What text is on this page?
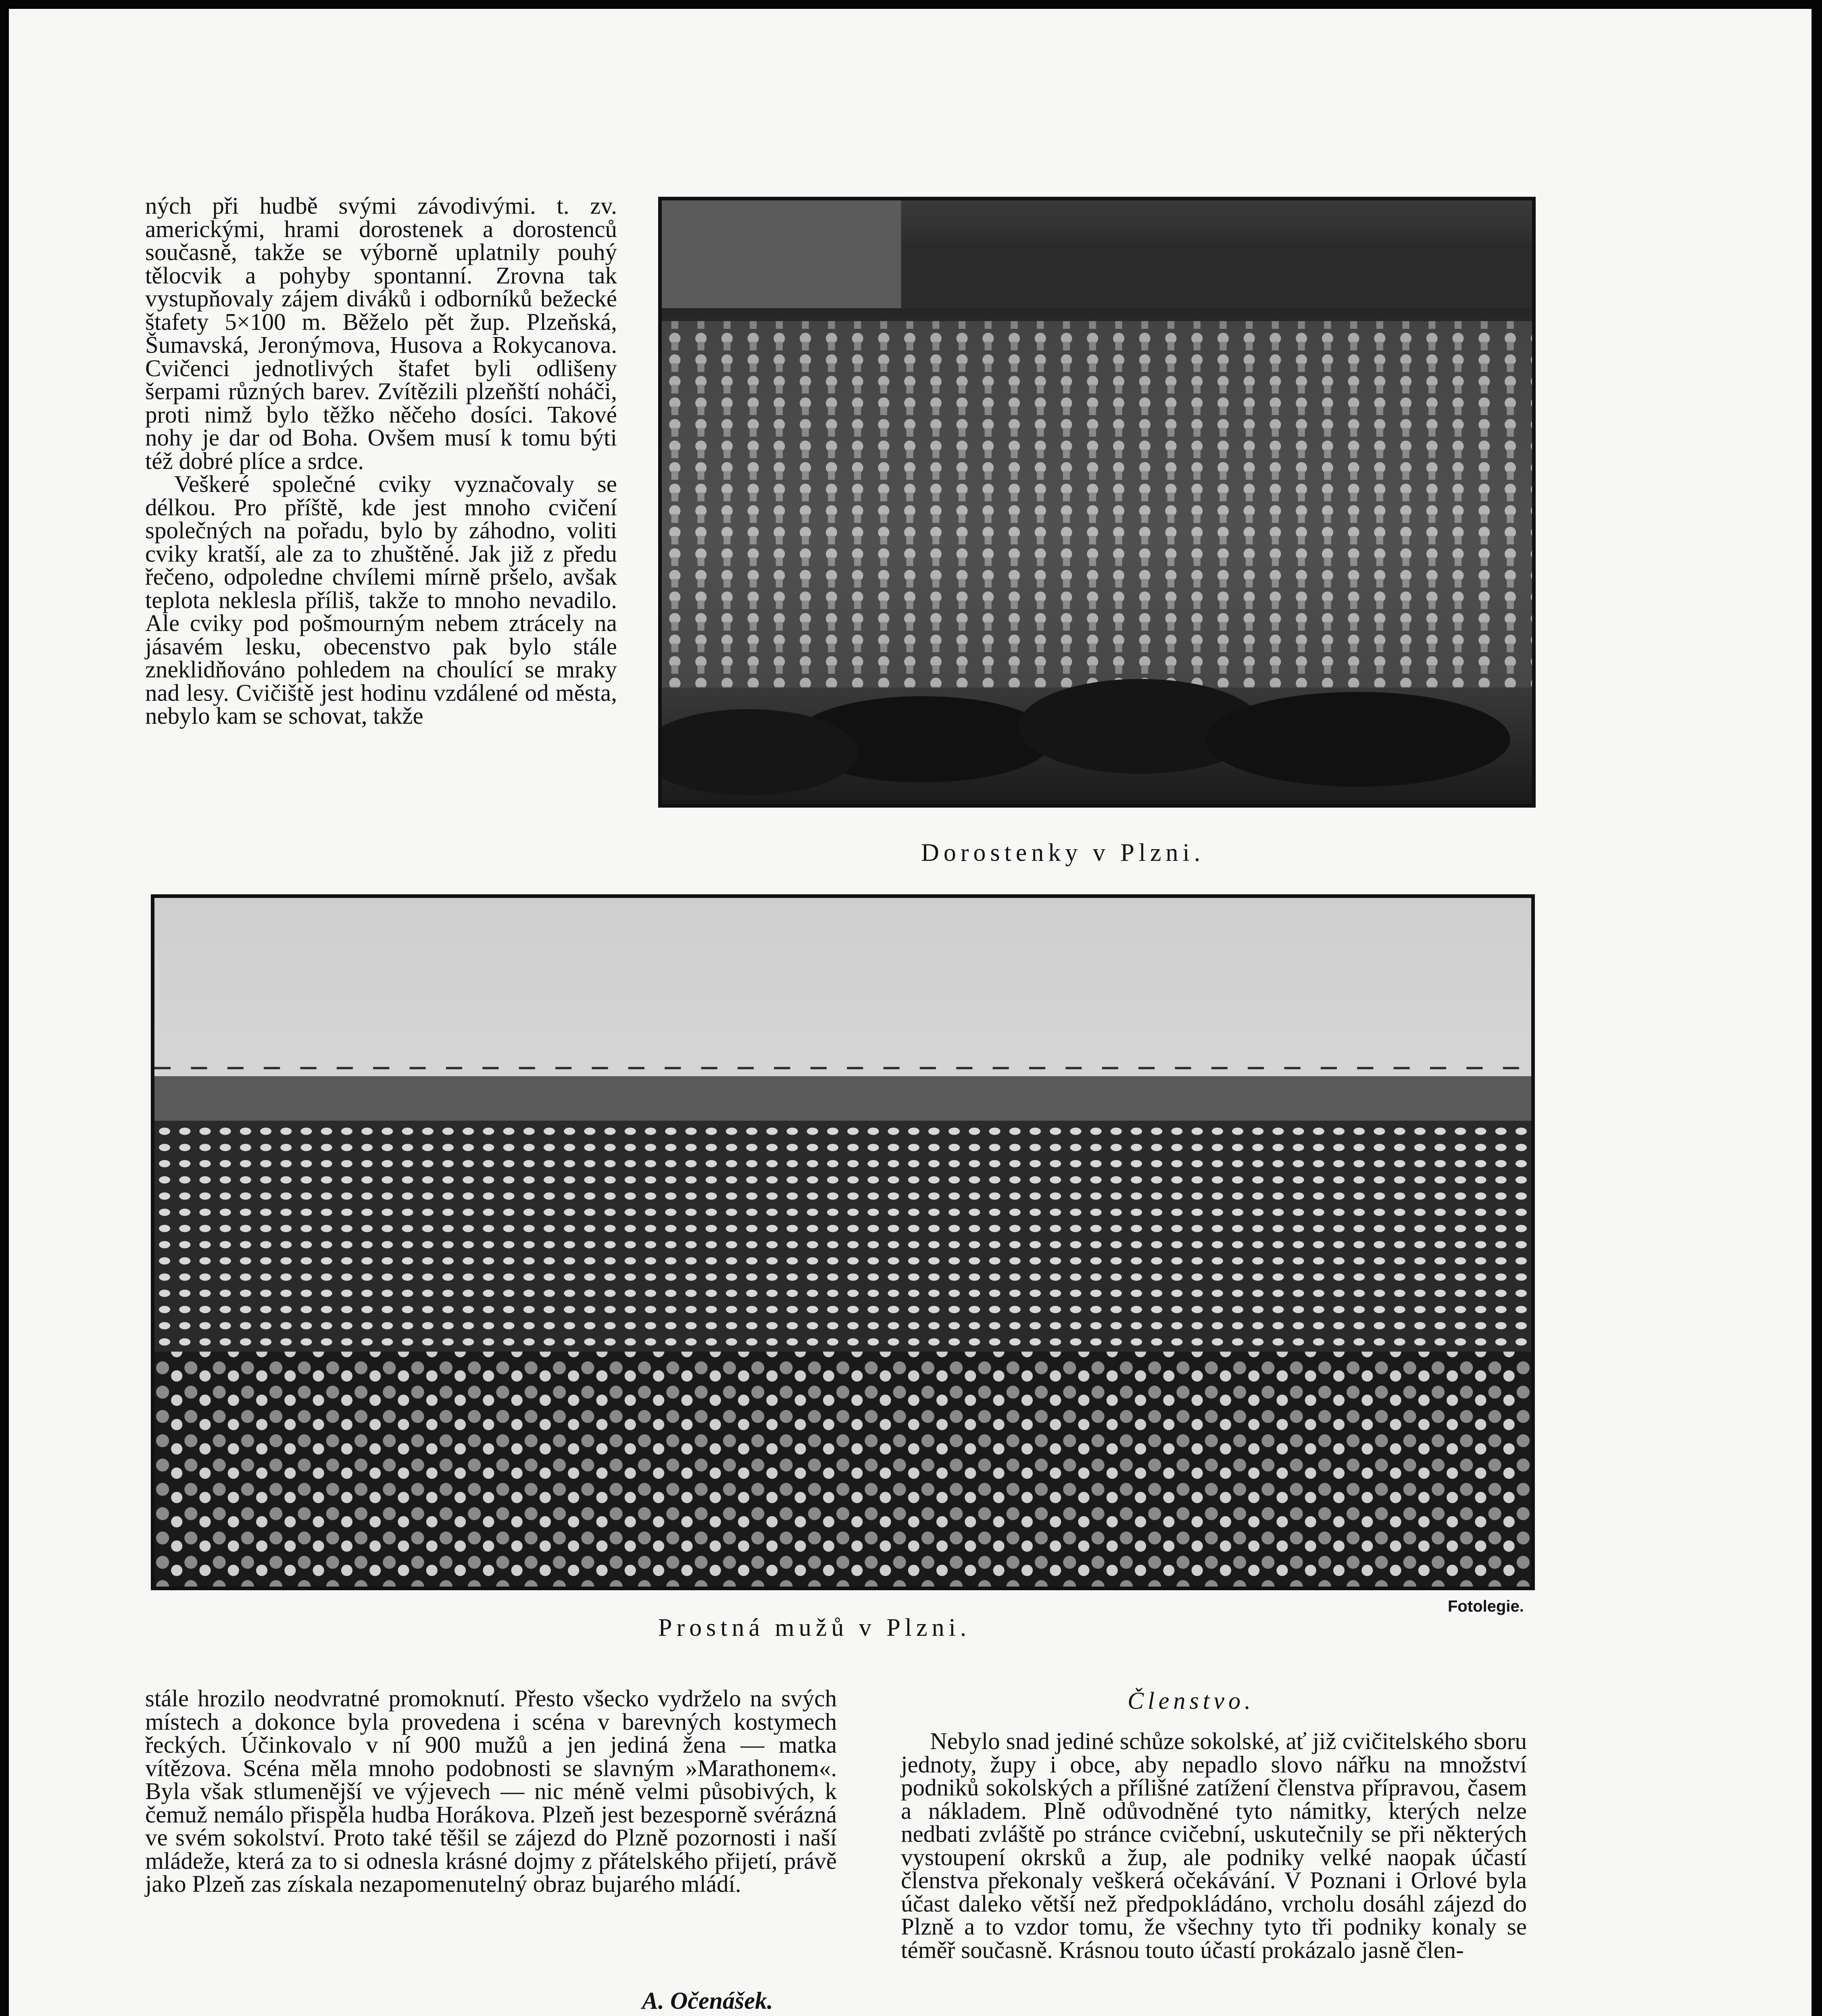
ných při hudbě svými závodivými. t. zv. americkými, hrami dorostenek a dorostenců současně, takže se výborně uplatnily pouhý tělocvik a pohyby spontanní. Zrovna tak vystupňovaly zájem diváků i odborníků bežecké štafety 5×100 m. Běželo pět žup. Plzeňská, Šumavská, Jeronýmova, Husova a Rokycanova. Cvičenci jednotlivých štafet byli odlišeny šerpami různých barev. Zvítězili plzeňští noháči, proti nimž bylo těžko něčeho dosíci. Takové nohy je dar od Boha. Ovšem musí k tomu býti též dobré plíce a srdce.

Veškeré společné cviky vyznačovaly se délkou. Pro příště, kde jest mnoho cvičení společných na pořadu, bylo by záhodno, voliti cviky kratší, ale za to zhuštěné. Jak již z předu řečeno, odpoledne chvílemi mírně pršelo, avšak teplota neklesla příliš, takže to mnoho nevadilo. Ale cviky pod pošmourným nebem ztrácely na jásavém lesku, obecenstvo pak bylo stále zneklidňováno pohledem na choulící se mraky nad lesy. Cvičiště jest hodinu vzdálené od města, nebylo kam se schovat, takže

Dorostenky v Plzni.
Prostná mužů v Plzni.
Fotolegie.

stále hrozilo neodvratné promoknutí. Přesto všecko vydrželo na svých místech a dokonce byla provedena i scéna v barevných kostymech řeckých. Účinkovalo v ní 900 mužů a jen jediná žena — matka vítězova. Scéna měla mnoho podobnosti se slavným »Marathonem«. Byla však stlumenější ve výjevech — nic méně velmi působivých, k čemuž nemálo přispěla hudba Horákova. Plzeň jest bezesporně svérázná ve svém sokolství. Proto také těšil se zájezd do Plzně pozornosti i naší mládeže, která za to si odnesla krásné dojmy z přátelského přijetí, právě jako Plzeň zas získala nezapomenutelný obraz bujarého mládí.

A. Očenášek.
Členstvo.

Nebylo snad jediné schůze sokolské, ať již cvičitelského sboru jednoty, župy i obce, aby nepadlo slovo nářku na množství podniků sokolských a přílišné zatížení členstva přípravou, časem a nákladem. Plně odůvodněné tyto námitky, kterých nelze nedbati zvláště po stránce cvičební, uskutečnily se při některých vystoupení okrsků a žup, ale podniky velké naopak účastí členstva překonaly veškerá očekávání. V Poznani i Orlové byla účast daleko větší než předpokládáno, vrcholu dosáhl zájezd do Plzně a to vzdor tomu, že všechny tyto tři podniky konaly se téměř současně. Krásnou touto účastí prokázalo jasně člen-
